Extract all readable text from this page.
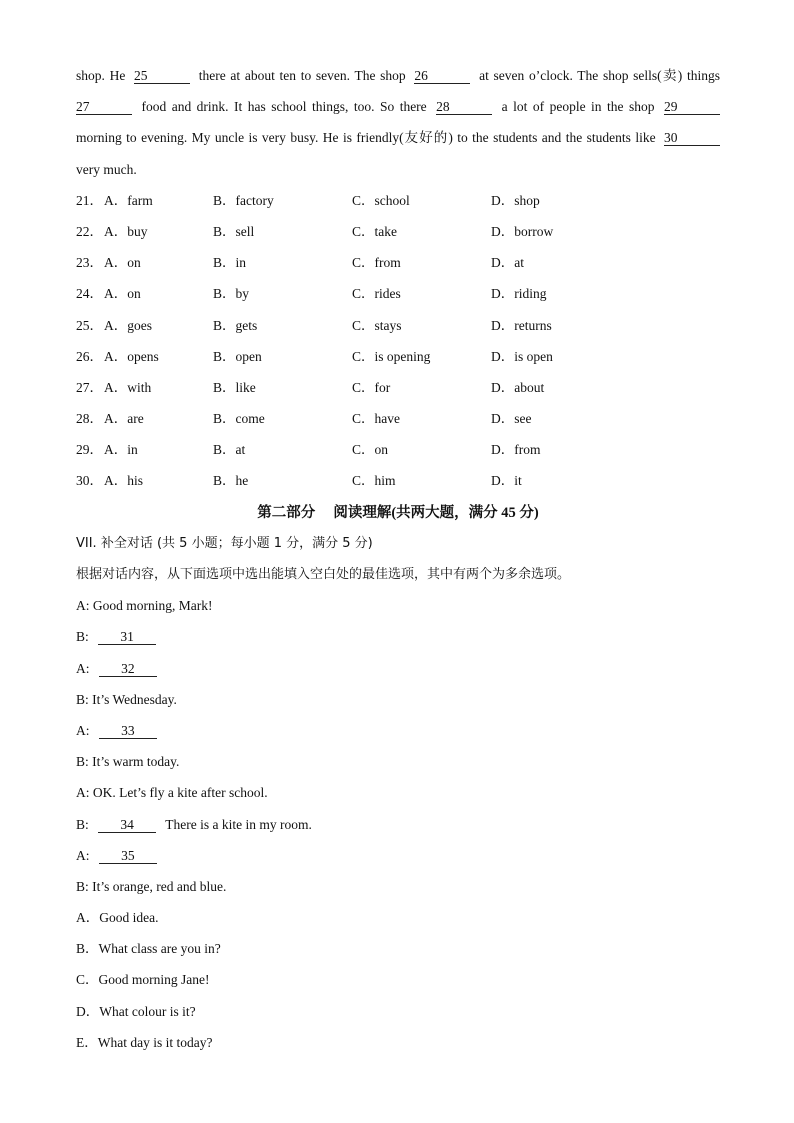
shop. He 25	there at about ten to seven. The shop 26	at seven o’clock. The shop sells(卖) things
27	food and drink. It has school things, too. So there 28	a lot of people in the shop 29
morning to evening. My uncle is very busy. He is friendly(友好的) to the students and the students like 30
very much.
21． A．farm	B．factory	C．school	D．shop
22． A．buy	B．sell	C．take	D．borrow
23． A．on	B．in	C．from	D．at
24． A．on	B．by	C．rides	D．riding
25． A．goes	B．gets	C．stays	D．returns
26． A．opens	B．open	C．is opening	D．is open
27． A．with	B．like	C．for	D．about
28． A．are	B．come	C．have	D．see
29． A．in	B．at	C．on	D．from
30． A．his	B．he	C．him	D．it
第二部分　 阅读理解(共两大题，满分 45 分)
VII. 补全对话 (共 5 小题；每小题 1 分，满分 5 分)
根据对话内容，从下面选项中选出能填入空白处的最佳选项，其中有两个为多余选项。
A: Good morning, Mark!
B: 31
A: 32
B: It’s Wednesday.
A: 33
B: It’s warm today.
A: OK. Let’s fly a kite after school.
B: 34 There is a kite in my room.
A: 35
B: It’s orange, red and blue.
A．Good idea.
B．What class are you in?
C．Good morning Jane!
D．What colour is it?
E．What day is it today?
